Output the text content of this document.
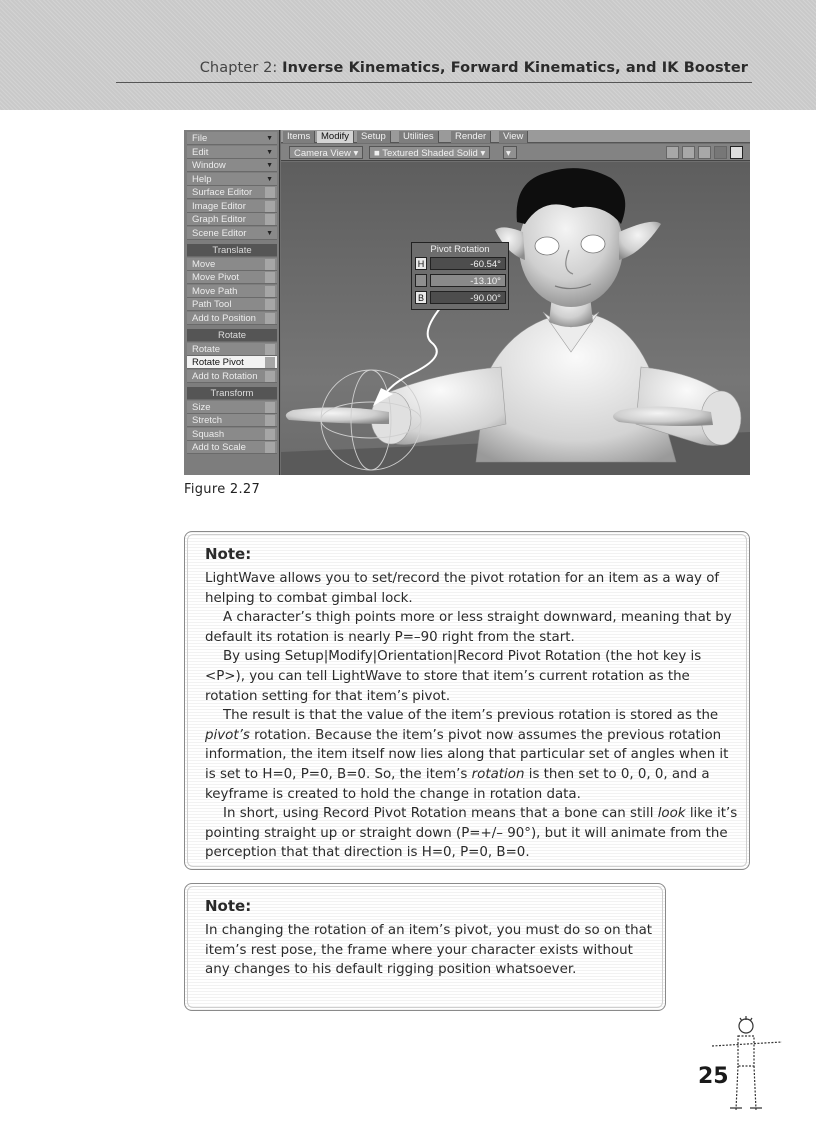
Chapter 2: Inverse Kinematics, Forward Kinematics, and IK Booster
File	▼
Edit	▼
Window	▼
Help	▼
Surface Editor
Image Editor
Graph Editor
Scene Editor	▼
Translate
Move
Move Pivot
Move Path
Path Tool
Add to Position
Rotate
Rotate
Rotate Pivot
Add to Rotation
Transform
Size
Stretch
Squash
Add to Scale
Items	Modify	Setup	Utilities	Render	View
Camera View ▾	■ Textured Shaded Solid ▾	▾
Pivot Rotation
H	-60.54°
P	-13.10°
B	-90.00°
Figure 2.27
Note:

LightWave allows you to set/record the pivot rotation for an item as a way of helping to combat gimbal lock.

A character’s thigh points more or less straight downward, meaning that by default its rotation is nearly P=–90 right from the start.

By using Setup|Modify|Orientation|Record Pivot Rotation (the hot key is <P>), you can tell LightWave to store that item’s current rotation as the rotation setting for that item’s pivot.

The result is that the value of the item’s previous rotation is stored as the pivot’s rotation. Because the item’s pivot now assumes the previous rotation information, the item itself now lies along that particular set of angles when it is set to H=0, P=0, B=0. So, the item’s rotation is then set to 0, 0, 0, and a keyframe is created to hold the change in rotation data.

In short, using Record Pivot Rotation means that a bone can still look like it’s pointing straight up or straight down (P=+/– 90°), but it will animate from the perception that that direction is H=0, P=0, B=0.

Note:

In changing the rotation of an item’s pivot, you must do so on that item’s rest pose, the frame where your character exists without any changes to his default rigging position whatsoever.

25
